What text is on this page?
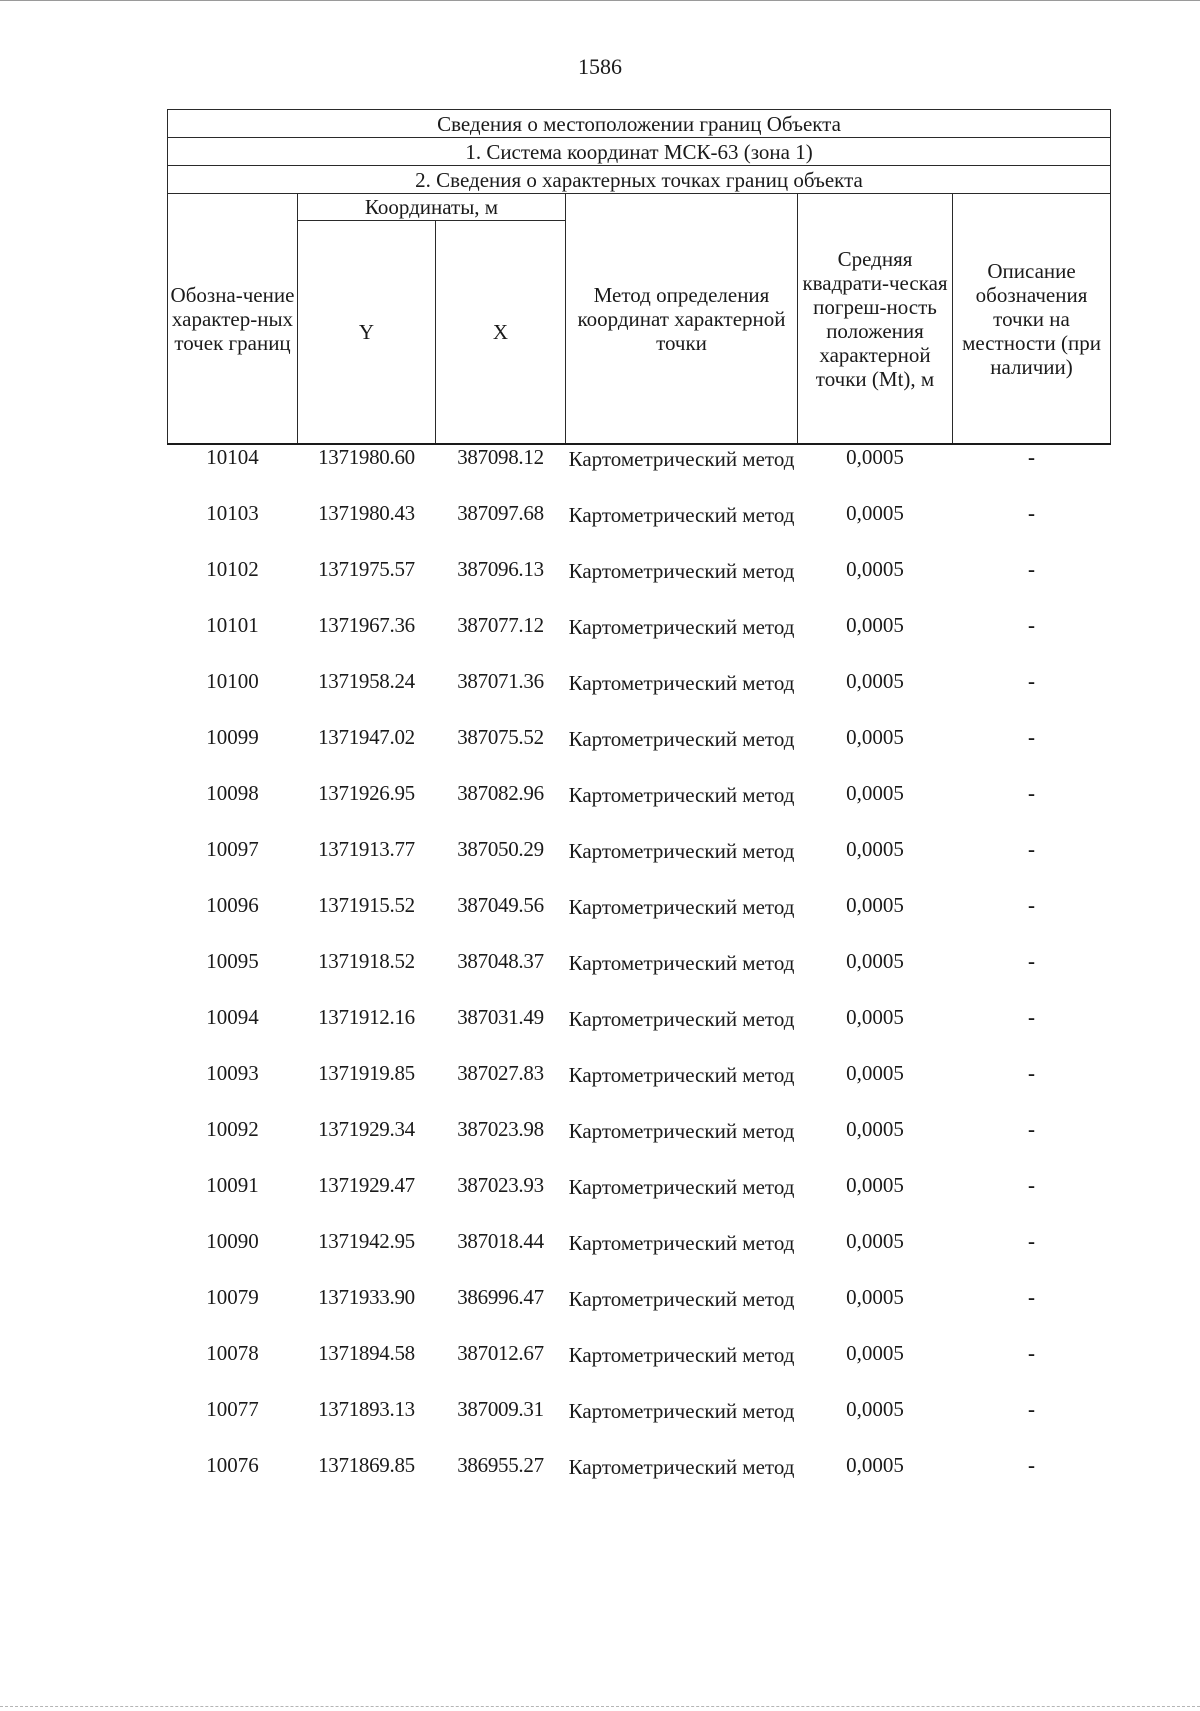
1586
Сведения о местоположении границ Объекта					
1. Система координат МСК-63 (зона 1)					
2. Сведения о характерных точках границ объекта					
Обозна-чение характер-ных точек границ	Координаты, м		Метод определения координат характерной точки	Средняя квадрати-ческая погреш-ность положения характерной точки (Mt), м	Описание обозначения точки на местности (при наличии)
	Y	X			
10104	1371980.60	387098.12	Картометрический метод 0,0005	-
10103	1371980.43	387097.68	Картометрический метод 0,0005	-
10102	1371975.57	387096.13	Картометрический метод 0,0005	-
10101	1371967.36	387077.12	Картометрический метод 0,0005	-
10100	1371958.24	387071.36	Картометрический метод 0,0005	-
10099	1371947.02	387075.52	Картометрический метод 0,0005	-
10098	1371926.95	387082.96	Картометрический метод 0,0005	-
10097	1371913.77	387050.29	Картометрический метод 0,0005	-
10096	1371915.52	387049.56	Картометрический метод 0,0005	-
10095	1371918.52	387048.37	Картометрический метод 0,0005	-
10094	1371912.16	387031.49	Картометрический метод 0,0005	-
10093	1371919.85	387027.83	Картометрический метод 0,0005	-
10092	1371929.34	387023.98	Картометрический метод 0,0005	-
10091	1371929.47	387023.93	Картометрический метод 0,0005	-
10090	1371942.95	387018.44	Картометрический метод 0,0005	-
10079	1371933.90	386996.47	Картометрический метод 0,0005	-
10078	1371894.58	387012.67	Картометрический метод 0,0005	-
10077	1371893.13	387009.31	Картометрический метод 0,0005	-
10076	1371869.85	386955.27	Картометрический метод 0,0005	-
